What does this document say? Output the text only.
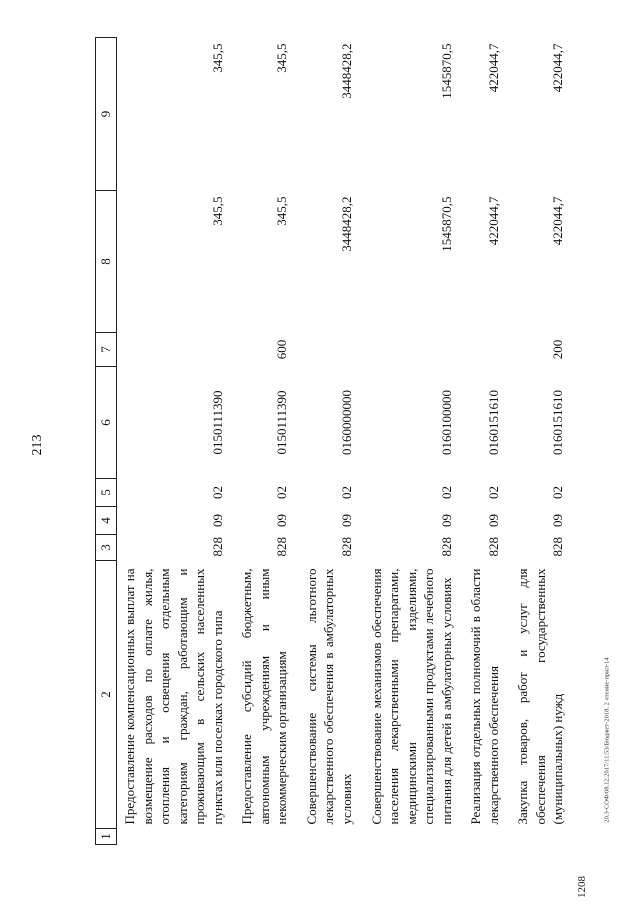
213
1	2	3	4	5	6	7	8	9
	Предоставление компенсационных выплат на возмещение расходов по оплате жилья, отопления и освещения отдельным категориям граждан, работающим и проживающим в сельских населенных пунктах или поселках городского типа	828	09	02	0150111390		345,5	345,5
	Предоставление субсидий бюджетным, автономным учреждениям и иным некоммерческим организациям	828	09	02	0150111390	600	345,5	345,5
	Совершенствование системы льготного лекарственного обеспечения в амбулаторных условиях	828	09	02	0160000000		3448428,2	3448428,2
	Совершенствование механизмов обеспечения населения лекарственными препаратами, медицинскими изделиями, специализированными продуктами лечебного питания для детей в амбулаторных условиях	828	09	02	0160100000		1545870,5	1545870,5
	Реализация отдельных полномочий в области лекарственного обеспечения	828	09	02	0160151610		422044,7	422044,7
	Закупка товаров, работ и услуг для обеспечения государственных (муниципальных) нужд	828	09	02	0160151610	200	422044,7	422044,7
20.3-СОФ/08.12.2017/11:53/Бюджет-2018. 2 чтение-прил-14
1208
